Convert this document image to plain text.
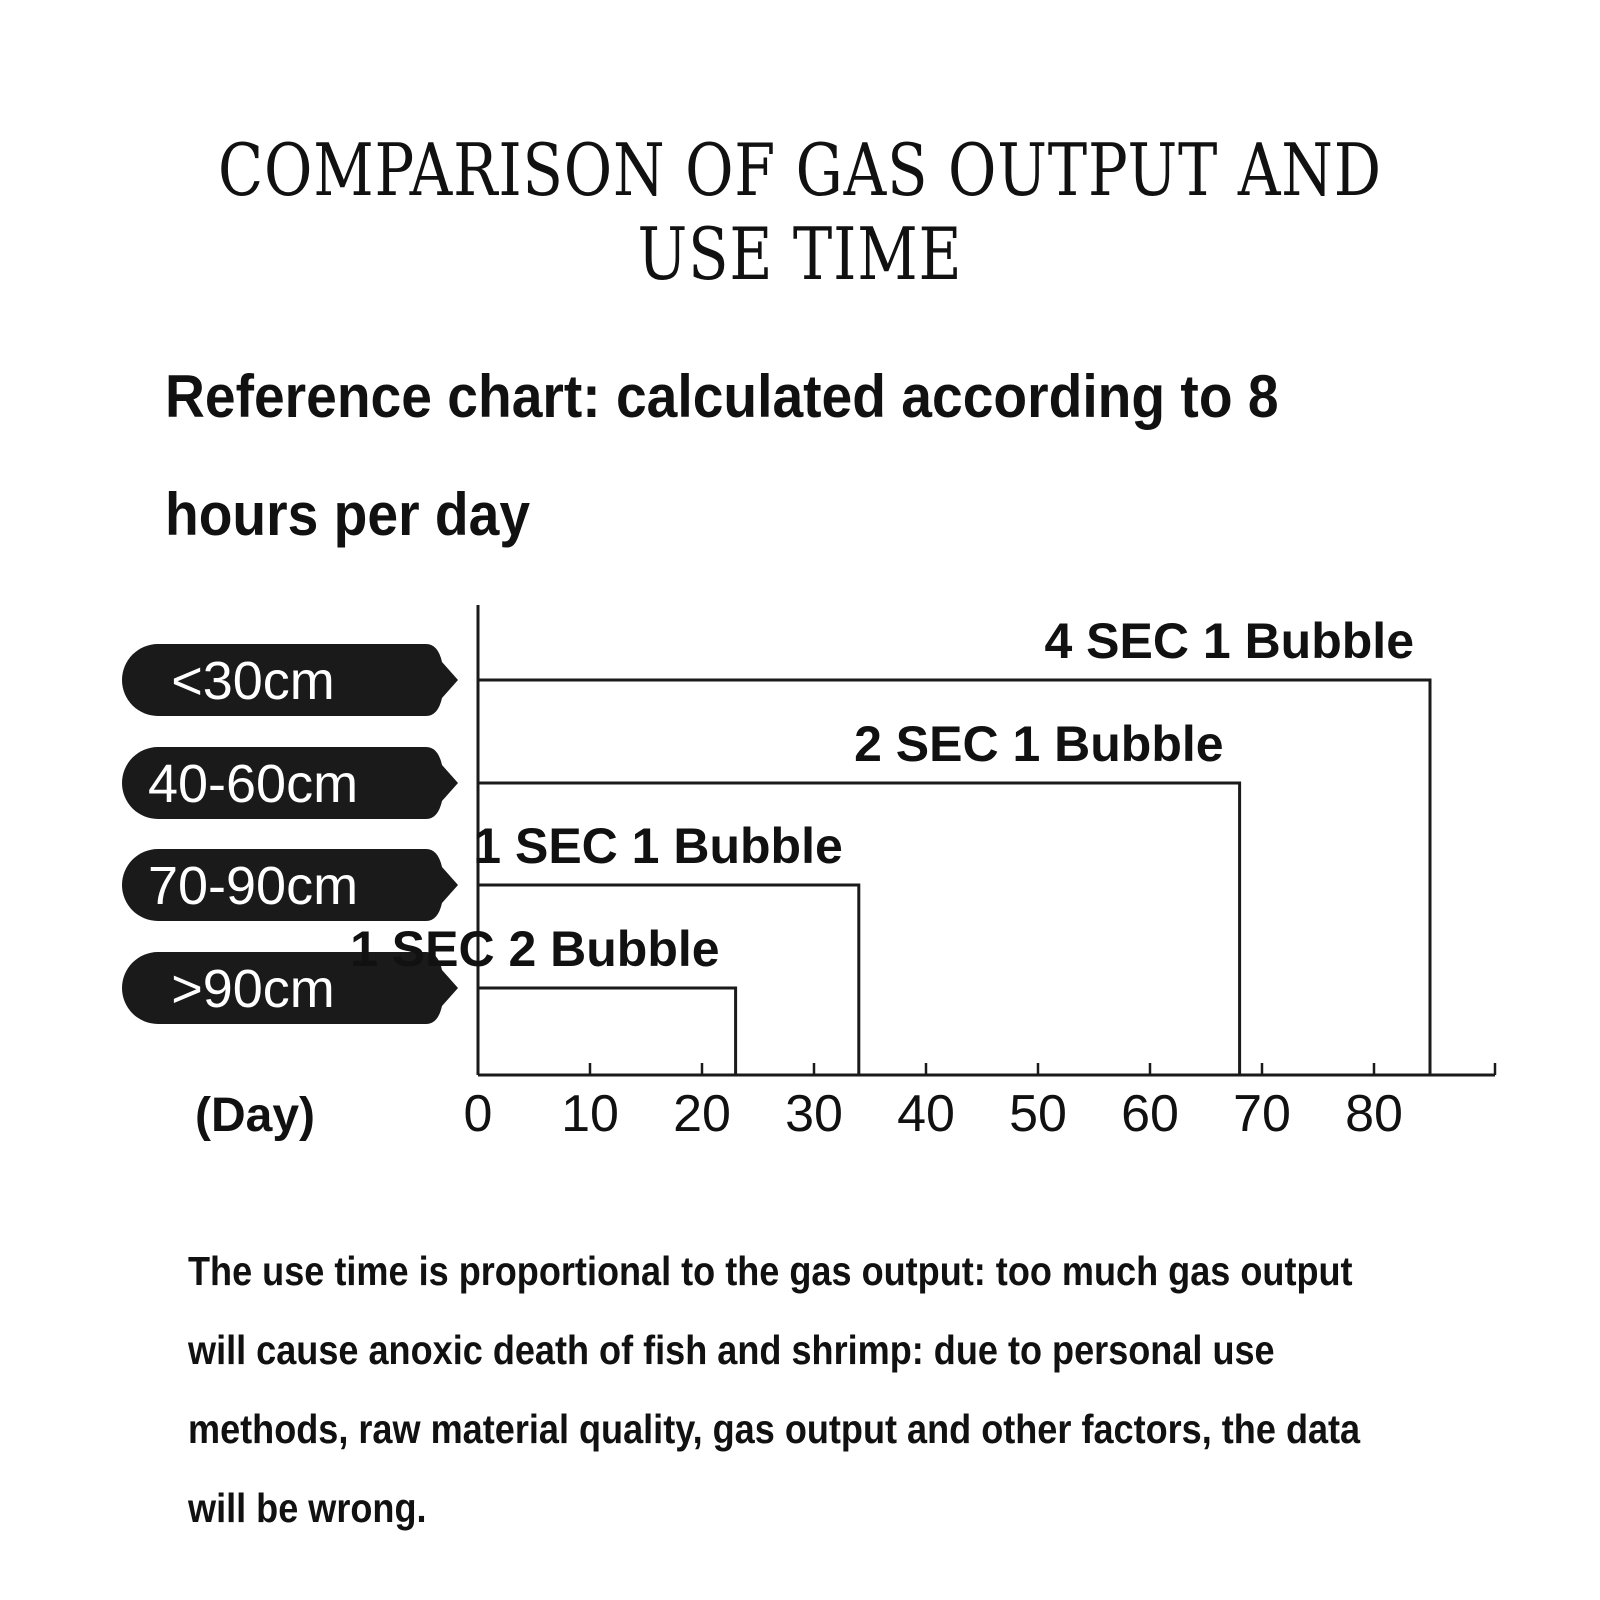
COMPARISON OF GAS OUTPUT AND USE TIME
Reference chart: calculated according to 8 hours per day
0 10 20 30 40 50 60 70 80
(Day)
<30cm
4 SEC 1 Bubble
40-60cm
2 SEC 1 Bubble
70-90cm
1 SEC 1 Bubble
>90cm
1 SEC 2 Bubble
The use time is proportional to the gas output: too much gas output will cause anoxic death of fish and shrimp: due to personal use methods, raw material quality, gas output and other factors, the data will be wrong.
